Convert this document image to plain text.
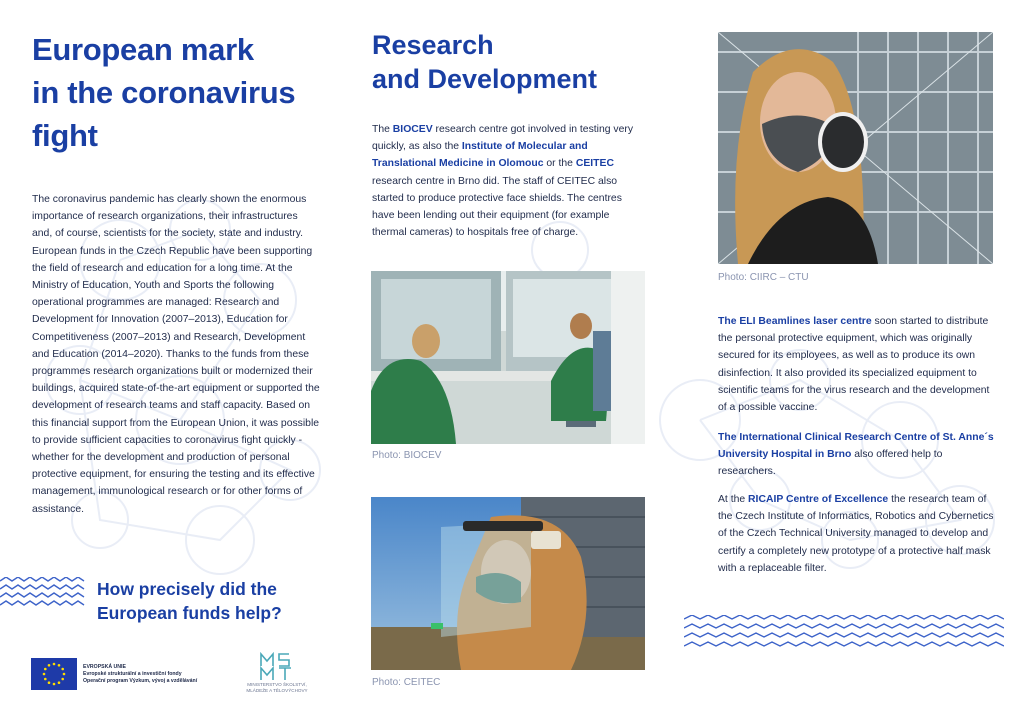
European mark
in the coronavirus
fight

The coronavirus pandemic has clearly shown the enormous importance of research organizations, their infrastructures and, of course, scientists for the society, state and industry. European funds in the Czech Republic have been supporting the field of research and education for a long time. At the Ministry of Education, Youth and Sports the following operational programmes are managed: Research and Development for Innovation (2007–2013), Education for Competitiveness (2007–2013) and Research, Development and Education (2014–2020). Thanks to the funds from these programmes research organizations built or modernized their buildings, acquired state-of-the-art equipment or supported the development of research teams and staff capacity. Based on this financial support from the European Union, it was possible to provide sufficient capacities to coronavirus fight quickly - whether for the development and production of personal protective equipment, for ensuring the testing and its effective management, immunological research or for other forms of assistance.

How precisely did the
European funds help?
EVROPSKÁ UNIE
Evropské strukturální a investiční fondy
Operační program Výzkum, vývoj a vzdělávání
MINISTERSTVO ŠKOLSTVÍ,
MLÁDEŽE A TĚLOVÝCHOVY
Research
and Development

The BIOCEV research centre got involved in testing very quickly, as also the Institute of Molecular and Translational Medicine in Olomouc or the CEITEC research centre in Brno did. The staff of CEITEC also started to produce protective face shields. The centres have been lending out their equipment (for example thermal cameras) to hospitals free of charge.

Photo: BIOCEV
Photo: CEITEC
Photo: CIIRC – CTU

The ELI Beamlines laser centre soon started to distribute the personal protective equipment, which was originally secured for its employees, as well as to produce its own disinfection. It also provided its specialized equipment to scientific teams for the virus research and the development of a possible vaccine.

The International Clinical Research Centre of St. Anne´s University Hospital in Brno also offered help to researchers.

At the RICAIP Centre of Excellence the research team of the Czech Institute of Informatics, Robotics and Cybernetics of the Czech Technical University managed to develop and certify a completely new prototype of a protective half mask with a replaceable filter.
